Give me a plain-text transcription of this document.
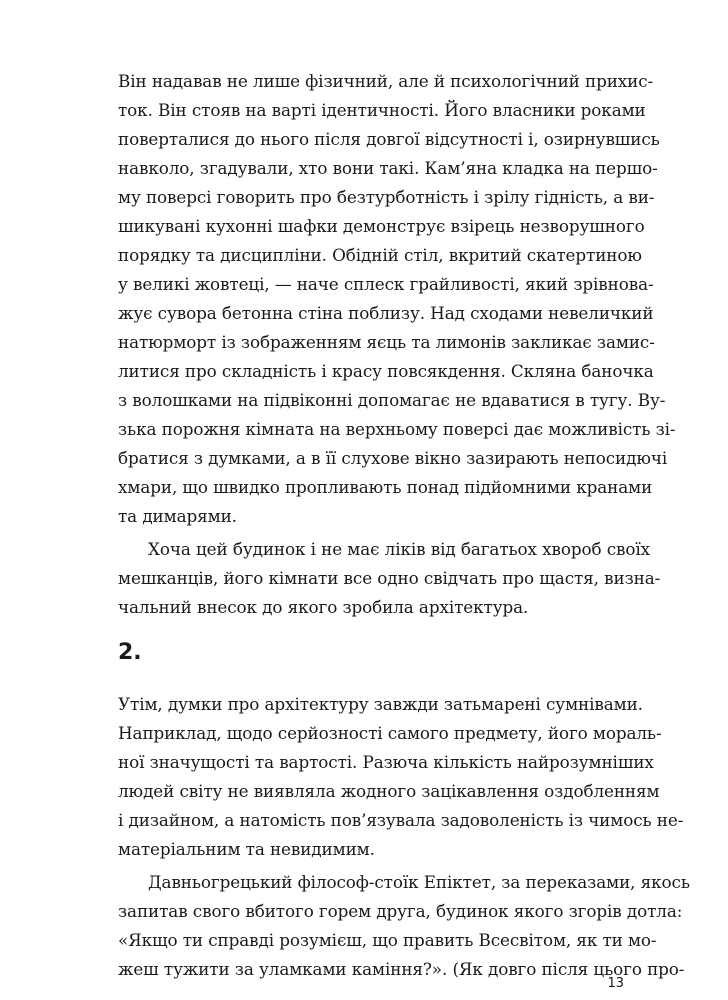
Він надавав не лише фізичний, але й психологічний прихис-
ток. Він стояв на варті ідентичності. Його власники роками
поверталися до нього після довгої відсутності і, озирнувшись
навколо, згадували, хто вони такі. Кам’яна кладка на першо-
му поверсі говорить про безтурботність і зрілу гідність, а ви-
шикувані кухонні шафки демонструє взірець незворушного
порядку та дисципліни. Обідній стіл, вкритий скатертиною
у великі жовтеці, — наче сплеск грайливості, який зрівнова-
жує сувора бетонна стіна поблизу. Над сходами невеличкий
натюрморт із зображенням яєць та лимонів закликає замис-
литися про складність і красу повсякдення. Скляна баночка
з волошками на підвіконні допомагає не вдаватися в тугу. Ву-
зька порожня кімната на верхньому поверсі дає можливість зі-
братися з думками, а в її слухове вікно зазирають непосидючі
хмари, що швидко пропливають понад підйомними кранами
та димарями.
Хоча цей будинок і не має ліків від багатьох хвороб своїх
мешканців, його кімнати все одно свідчать про щастя, визна-
чальний внесок до якого зробила архітектура.
2.
Утім, думки про архітектуру завжди затьмарені сумнівами.
Наприклад, щодо серйозності самого предмету, його мораль-
ної значущості та вартості. Разюча кількість найрозумніших
людей світу не виявляла жодного зацікавлення оздобленням
і дизайном, а натомість пов’язувала задоволеність із чимось не-
матеріальним та невидимим.
Давньогрецький філософ-стоїк Епіктет, за переказами, якось
запитав свого вбитого горем друга, будинок якого згорів дотла:
«Якщо ти справді розумієш, що править Всесвітом, як ти мо-
жеш тужити за уламками каміння?». (Як довго після цього про-
13
